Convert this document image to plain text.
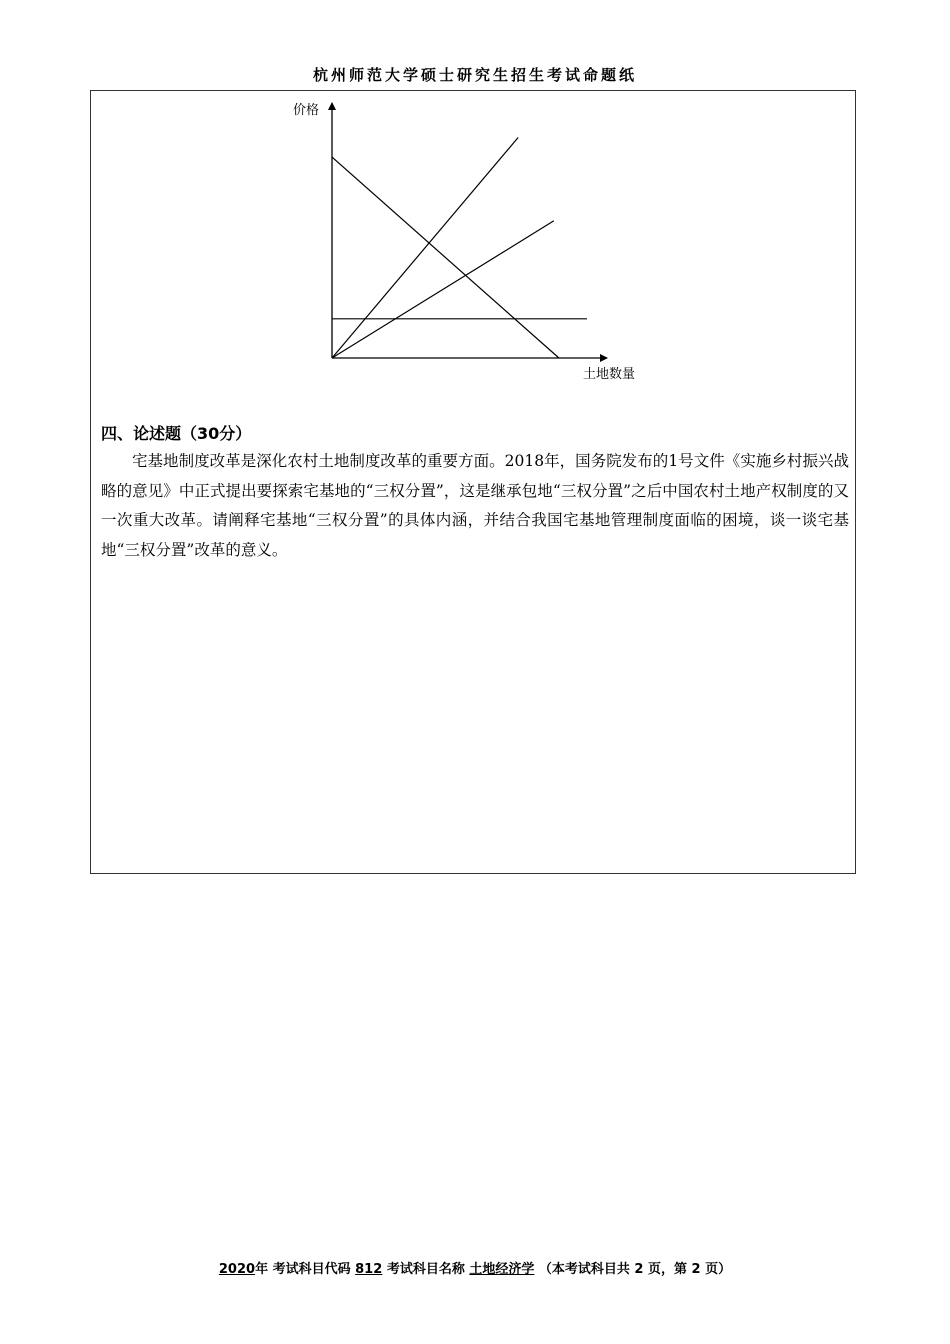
杭州师范大学硕士研究生招生考试命题纸
价格
土地数量
四、论述题（30分）
宅基地制度改革是深化农村土地制度改革的重要方面。2018年，国务院发布的1号文件《实施乡村振兴战略的意见》中正式提出要探索宅基地的“三权分置”，这是继承包地“三权分置”之后中国农村土地产权制度的又一次重大改革。请阐释宅基地“三权分置”的具体内涵，并结合我国宅基地管理制度面临的困境，谈一谈宅基地“三权分置”改革的意义。
2020年 考试科目代码 812 考试科目名称 土地经济学 （本考试科目共 2 页，第 2 页）
